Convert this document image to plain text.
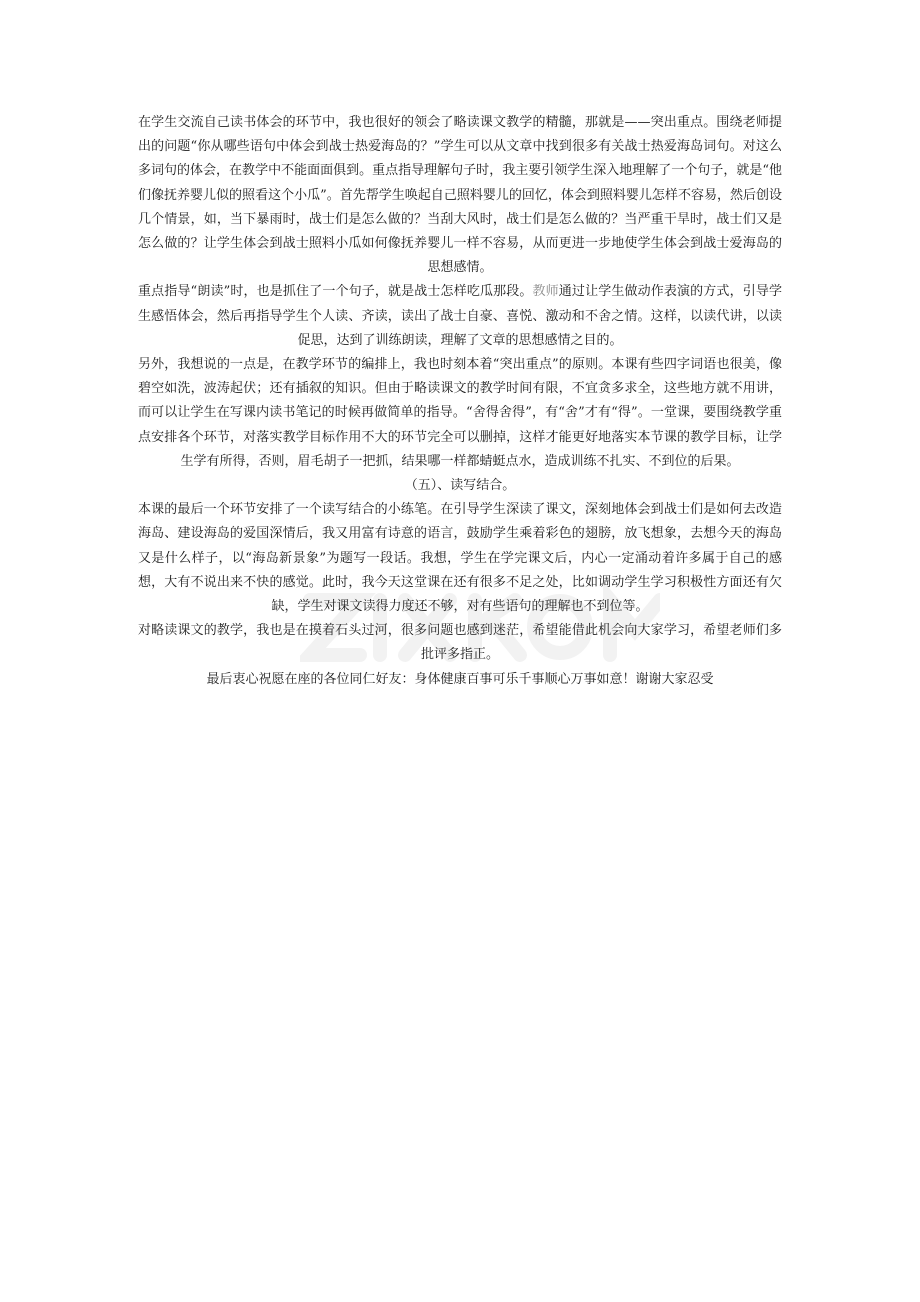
在学生交流自己读书体会的环节中，我也很好的领会了略读课文教学的精髓，那就是——突出重点。围绕老师提出的问题“你从哪些语句中体会到战士热爱海岛的？”学生可以从文章中找到很多有关战士热爱海岛词句。对这么多词句的体会，在教学中不能面面俱到。重点指导理解句子时，我主要引领学生深入地理解了一个句子，就是“他们像抚养婴儿似的照看这个小瓜”。首先帮学生唤起自己照料婴儿的回忆，体会到照料婴儿怎样不容易，然后创设几个情景，如，当下暴雨时，战士们是怎么做的？当刮大风时，战士们是怎么做的？当严重干旱时，战士们又是怎么做的？让学生体会到战士照料小瓜如何像抚养婴儿一样不容易，从而更进一步地使学生体会到战士爱海岛的思想感情。

重点指导“朗读”时，也是抓住了一个句子，就是战士怎样吃瓜那段。教师通过让学生做动作表演的方式，引导学生感悟体会，然后再指导学生个人读、齐读，读出了战士自豪、喜悦、激动和不舍之情。这样，以读代讲，以读促思，达到了训练朗读，理解了文章的思想感情之目的。

另外，我想说的一点是，在教学环节的编排上，我也时刻本着“突出重点”的原则。本课有些四字词语也很美，像碧空如洗，波涛起伏；还有插叙的知识。但由于略读课文的教学时间有限，不宜贪多求全，这些地方就不用讲，而可以让学生在写课内读书笔记的时候再做简单的指导。“舍得舍得”，有“舍”才有“得”。一堂课，要围绕教学重点安排各个环节，对落实教学目标作用不大的环节完全可以删掉，这样才能更好地落实本节课的教学目标，让学生学有所得，否则，眉毛胡子一把抓，结果哪一样都蜻蜓点水，造成训练不扎实、不到位的后果。

（五）、读写结合。

本课的最后一个环节安排了一个读写结合的小练笔。在引导学生深读了课文，深刻地体会到战士们是如何去改造海岛、建设海岛的爱国深情后，我又用富有诗意的语言，鼓励学生乘着彩色的翅膀，放飞想象，去想今天的海岛又是什么样子，以“海岛新景象”为题写一段话。我想，学生在学完课文后，内心一定涌动着许多属于自己的感想，大有不说出来不快的感觉。此时，我今天这堂课在还有很多不足之处，比如调动学生学习积极性方面还有欠缺，学生对课文读得力度还不够，对有些语句的理解也不到位等。

对略读课文的教学，我也是在摸着石头过河，很多问题也感到迷茫，希望能借此机会向大家学习，希望老师们多批评多指正。

最后衷心祝愿在座的各位同仁好友：身体健康百事可乐千事顺心万事如意！谢谢大家忍受
